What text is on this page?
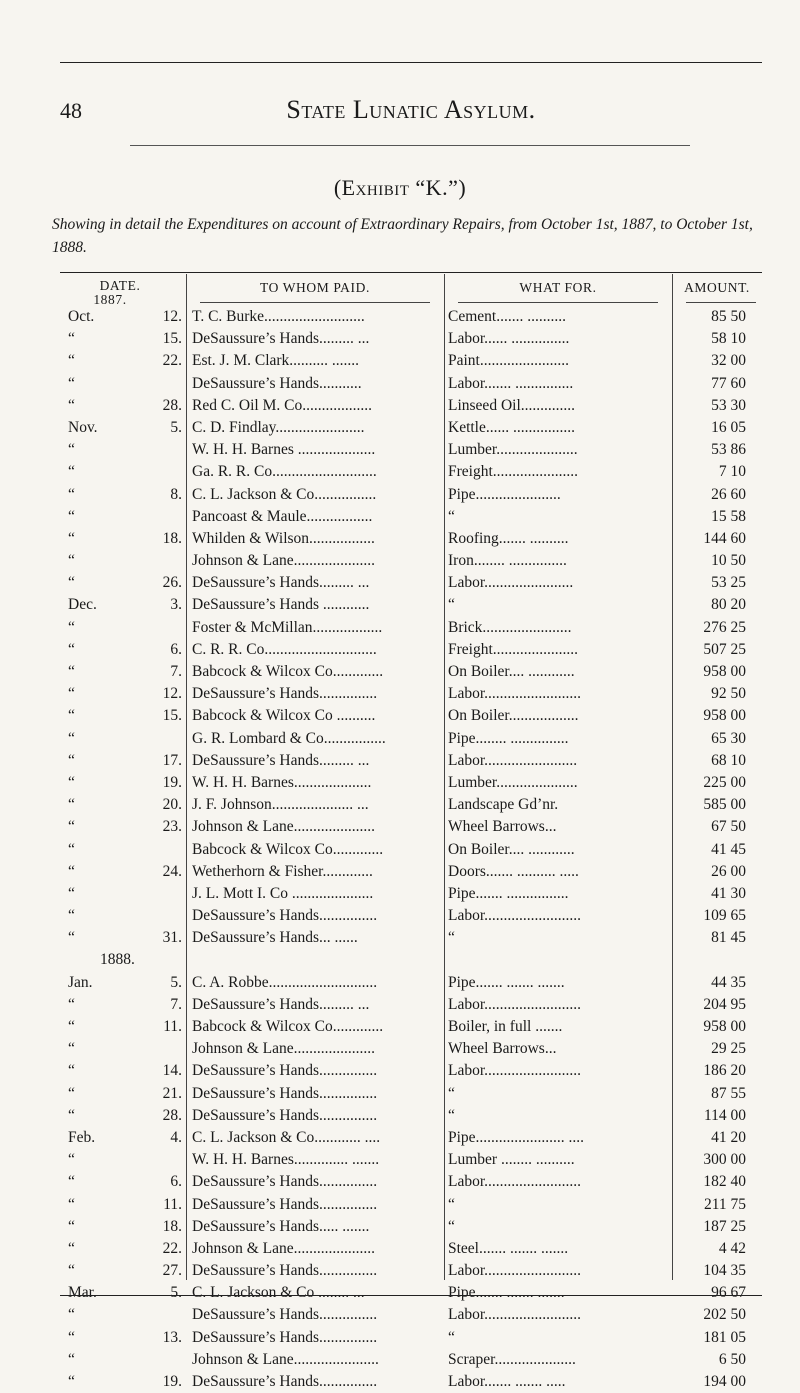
48	State Lunatic Asylum.
(Exhibit “K.”)
Showing in detail the Expenditures on account of Extraordinary Repairs, from October 1st, 1887, to October 1st, 1888.
DATE.
1887.
TO WHOM PAID.	WHAT FOR.	AMOUNT.
Oct.	12. T. C. Burke..........................	Cement....... ..........	85 50
“	15. DeSaussure’s Hands......... ...	Labor...... ...............	58 10
“	22. Est. J. M. Clark.......... .......	Paint.......................	32 00
“	DeSaussure’s Hands...........	Labor....... ...............	77 60
“	28. Red C. Oil M. Co..................	Linseed Oil..............	53 30
Nov.	5. C. D. Findlay.......................	Kettle...... ................	16 05
“	W. H. H. Barnes ....................	Lumber.....................	53 86
“	Ga. R. R. Co...........................	Freight......................	7 10
“	8. C. L. Jackson & Co................	Pipe......................	26 60
“	Pancoast & Maule.................	“	15 58
“	18. Whilden & Wilson.................	Roofing....... ..........	144 60
“	Johnson & Lane.....................	Iron........ ...............	10 50
“	26. DeSaussure’s Hands......... ...	Labor.......................	53 25
Dec.	3. DeSaussure’s Hands ............	“	80 20
“	Foster & McMillan..................	Brick.......................	276 25
“	6. C. R. R. Co.............................	Freight......................	507 25
“	7. Babcock & Wilcox Co.............	On Boiler.... ............	958 00
“	12. DeSaussure’s Hands...............	Labor.........................	92 50
“	15. Babcock & Wilcox Co ..........	On Boiler..................	958 00
“	G. R. Lombard & Co................	Pipe........ ...............	65 30
“	17. DeSaussure’s Hands......... ...	Labor........................	68 10
“	19. W. H. H. Barnes....................	Lumber.....................	225 00
“	20. J. F. Johnson..................... ...	Landscape Gd’nr.	585 00
“	23. Johnson & Lane.....................	Wheel Barrows...	67 50
“	Babcock & Wilcox Co.............	On Boiler.... ............	41 45
“	24. Wetherhorn & Fisher.............	Doors....... .......... .....	26 00
“	J. L. Mott I. Co .....................	Pipe....... ................	41 30
“	DeSaussure’s Hands...............	Labor.........................	109 65
“	31. DeSaussure’s Hands... ......	“	81 45
1888.
Jan.	5. C. A. Robbe............................	Pipe....... ....... .......	44 35
“	7. DeSaussure’s Hands......... ...	Labor.........................	204 95
“	11. Babcock & Wilcox Co.............	Boiler, in full .......	958 00
“	Johnson & Lane.....................	Wheel Barrows...	29 25
“	14. DeSaussure’s Hands...............	Labor.........................	186 20
“	21. DeSaussure’s Hands...............	“	87 55
“	28. DeSaussure’s Hands...............	“	114 00
Feb.	4. C. L. Jackson & Co............ ....	Pipe....................... ....	41 20
“	W. H. H. Barnes.............. .......	Lumber ........ ..........	300 00
“	6. DeSaussure’s Hands...............	Labor.........................	182 40
“	11. DeSaussure’s Hands...............	“	211 75
“	18. DeSaussure’s Hands..... .......	“	187 25
“	22. Johnson & Lane.....................	Steel....... ....... .......	4 42
“	27. DeSaussure’s Hands...............	Labor.........................	104 35
Mar.	5. C. L. Jackson & Co ........ ...	Pipe....... ....... .......	96 67
“	DeSaussure’s Hands...............	Labor.........................	202 50
“	13. DeSaussure’s Hands...............	“	181 05
“	Johnson & Lane......................	Scraper.....................	6 50
“	19. DeSaussure’s Hands...............	Labor....... ....... .....	194 00
